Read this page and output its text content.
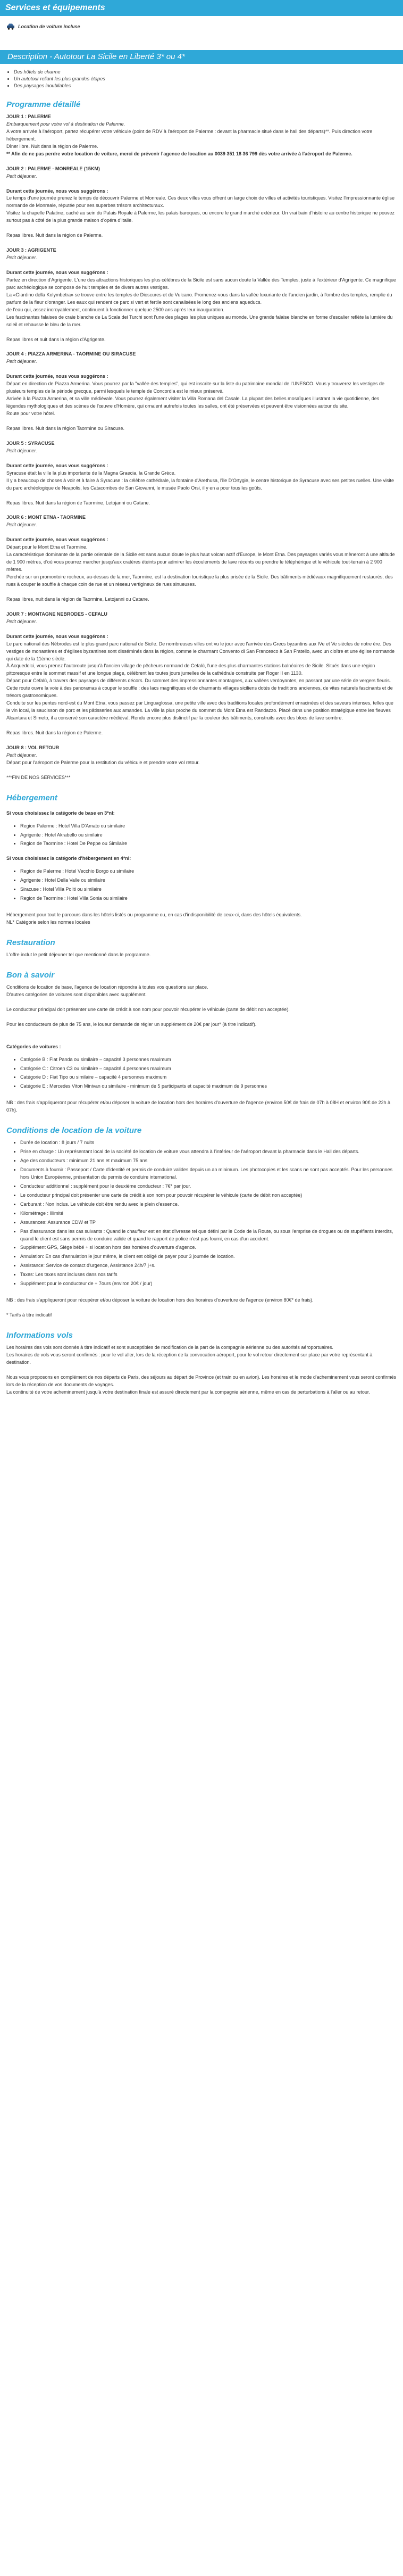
Services et équipements
Location de voiture incluse
Description - Autotour La Sicile en Liberté 3* ou 4*
• Des hôtels de charme
• Un autotour reliant les plus grandes étapes
• Des paysages inoubliables
Programme détaillé

JOUR 1 : PALERME

Embarquement pour votre vol à destination de Palerme.

A votre arrivée à l'aéroport, partez récupérer votre véhicule (point de RDV à l'aéroport de Palerme : devant la pharmacie situé dans le hall des départs)**. Puis direction votre hébergement.

Dîner libre. Nuit dans la région de Palerme.

** Afin de ne pas perdre votre location de voiture, merci de prévenir l'agence de location au 0039 351 18 36 799 dès votre arrivée à l'aéroport de Palerme.

JOUR 2 : PALERME - MONREALE (15KM)

Petit déjeuner.

Durant cette journée, nous vous suggérons :

Le temps d'une journée prenez le temps de découvrir Palerme et Monreale. Ces deux villes vous offrent un large choix de villes et activités touristiques. Visitez l'impressionnante église normande de Monreale, réputée pour ses superbes trésors architecturaux.

Visitez la chapelle Palatine, caché au sein du Palais Royale à Palerme, les palais baroques, ou encore le grand marché extérieur. Un vrai bain d'histoire au centre historique ne pouvez surtout pas à côté de la plus grande maison d'opéra d'Italie.

Repas libres. Nuit dans la région de Palerme.

JOUR 3 : AGRIGENTE

Petit déjeuner.

Durant cette journée, nous vous suggérons :

Partez en direction d'Agrigente. L'une des attractions historiques les plus célèbres de la Sicile est sans aucun doute la Vallée des Temples, juste à l'extérieur d'Agrigente. Ce magnifique parc archéologique se compose de huit temples et de divers autres vestiges.

La «Giardino della Kolymbetra» se trouve entre les temples de Dioscures et de Vulcano. Promenez-vous dans la vallée luxuriante de l'ancien jardin, à l'ombre des temples, remplie du parfum de la fleur d'oranger. Les eaux qui rendent ce parc si vert et fertile sont canalisées le long des anciens aqueducs.

de l'eau qui, assez incroyablement, continuent à fonctionner quelque 2500 ans après leur inauguration.

Les fascinantes falaises de craie blanche de La Scala dei Turchi sont l'une des plages les plus uniques au monde. Une grande falaise blanche en forme d'escalier reflète la lumière du soleil et rehausse le bleu de la mer.

Repas libres et nuit dans la région d'Agrigente.

JOUR 4 : PIAZZA ARMERINA - TAORMINE OU SIRACUSE

Petit déjeuner.

Durant cette journée, nous vous suggérons :

Départ en direction de Piazza Armerina. Vous pourrez par la "vallée des temples", qui est inscrite sur la liste du patrimoine mondial de l'UNESCO. Vous y trouverez les vestiges de plusieurs temples de la période grecque, parmi lesquels le temple de Concordia est le mieux préservé.

Arrivée à la Piazza Armerina, et sa ville médiévale. Vous pourrez également visiter la Villa Romana del Casale. La plupart des belles mosaïques illustrant la vie quotidienne, des légendes mythologiques et des scènes de l'œuvre d'Homère, qui ornaient autrefois toutes les salles, ont été préservées et peuvent être visionnées autour du site.

Route pour votre hôtel.

Repas libres. Nuit dans la région Taormine ou Siracuse.

JOUR 5 : SYRACUSE

Petit déjeuner.

Durant cette journée, nous vous suggérons :

Syracuse était la ville la plus importante de la Magna Graecia, la Grande Grèce.

Il y a beaucoup de choses à voir et à faire à Syracuse : la célèbre cathédrale, la fontaine d'Arethusa, l'île D'Ortygie, le centre historique de Syracuse avec ses petites ruelles. Une visite du parc archéologique de Neapolis, les Catacombes de San Giovanni, le musée Paolo Orsi, il y en a pour tous les goûts.

Repas libres. Nuit dans la région de Taormine, Letojanni ou Catane.

JOUR 6 : MONT ETNA - TAORMINE

Petit déjeuner.

Durant cette journée, nous vous suggérons :

Départ pour le Mont Etna et Taormine.

La caractéristique dominante de la partie orientale de la Sicile est sans aucun doute le plus haut volcan actif d'Europe, le Mont Etna. Des paysages variés vous mèneront à une altitude de 1 900 mètres, d'où vous pourrez marcher jusqu'aux cratères éteints pour admirer les écoulements de lave récents ou prendre le téléphérique et le véhicule tout-terrain à 2 900 mètres.

Perchée sur un promontoire rocheux, au-dessus de la mer, Taormine, est la destination touristique la plus prisée de la Sicile. Des bâtiments médiévaux magnifiquement restaurés, des rues à couper le souffle à chaque coin de rue et un réseau vertigineux de rues sinueuses.

Repas libres, nuit dans la région de Taormine, Letojanni ou Catane.

JOUR 7 : MONTAGNE NEBRODES - CEFALU

Petit déjeuner.

Durant cette journée, nous vous suggérons :

Le parc national des Nébrodes est le plus grand parc national de Sicile. De nombreuses villes ont vu le jour avec l'arrivée des Grecs byzantins aux IVe et Ve siècles de notre ère. Des vestiges de monastères et d'églises byzantines sont disséminés dans la région, comme le charmant Convento di San Francesco à San Fratello, avec un cloître et une église normande qui date de la 11ème siècle.

À Acquedolci, vous prenez l'autoroute jusqu'à l'ancien village de pêcheurs normand de Cefalù, l'une des plus charmantes stations balnéaires de Sicile. Situés dans une région pittoresque entre le sommet massif et une longue plage, célèbrent les toutes jours jumelles de la cathédrale construite par Roger II en 1130.

Départ pour Cefalù, à travers des paysages de différents décors. Du sommet des impressionnantes montagnes, aux vallées verdoyantes, en passant par une série de vergers fleuris. Cette route ouvre la voie à des panoramas à couper le souffle : des lacs magnifiques et de charmants villages siciliens dotés de traditions anciennes, de vites naturels fascinants et de trésors gastronomiques.

Conduite sur les pentes nord-est du Mont Etna, vous passez par Linguaglossa, une petite ville avec des traditions locales profondément enracinées et des saveurs intenses, telles que le vin local, la saucisson de porc et les pâtisseries aux amandes. La ville la plus proche du sommet du Mont Etna est Randazzo. Placé dans une position stratégique entre les fleuves Alcantara et Simeto, il a conservé son caractère médiéval. Rendu encore plus distinctif par la couleur des bâtiments, construits avec des blocs de lave sombre.

Repas libres. Nuit dans la région de Palerme.

JOUR 8 : VOL RETOUR

Petit déjeuner.

Départ pour l'aéroport de Palerme pour la restitution du véhicule et prendre votre vol retour.

***FIN DE NOS SERVICES***

Hébergement

Si vous choisissez la catégorie de base en 3*nl:

• Region Palerme : Hotel Villa D'Amato ou similaire
• Agrigente : Hotel Akrabello ou similaire
• Region de Taormine : Hotel De Peppe ou Similaire

Si vous choisissez la catégorie d'hébergement en 4*nl:

• Region de Palerme : Hotel Vecchio Borgo ou similaire
• Agrigente : Hotel Della Valle ou similaire
• Siracuse : Hotel Villa Politi ou similaire
• Region de Taormine : Hotel Villa Sonia ou similaire

Hébergement pour tout le parcours dans les hôtels listés ou programme ou, en cas d'indisponibilité de ceux-ci, dans des hôtels équivalents.

NL* Catégorie selon les normes locales

Restauration

L'offre inclut le petit déjeuner tel que mentionné dans le programme.

Bon à savoir

Conditions de location de base, l'agence de location répondra à toutes vos questions sur place.

D'autres catégories de voitures sont disponibles avec supplément.

Le conducteur principal doit présenter une carte de crédit à son nom pour pouvoir récupérer le véhicule (carte de débit non acceptée).

Pour les conducteurs de plus de 75 ans, le loueur demande de régler un supplément de 20€ par jour* (à titre indicatif).

Catégories de voitures :

• Catégorie B : Fiat Panda ou similaire – capacité 3 personnes maximum
• Catégorie C : Citroen C3 ou similaire – capacité 4 personnes maximum
• Catégorie D : Fiat Tipo ou similaire – capacité 4 personnes maximum
• Catégorie E : Mercedes Viton Minivan ou similaire - minimum de 5 participants et capacité maximum de 9 personnes

NB : des frais s'appliqueront pour récupérer et/ou déposer la voiture de location hors des horaires d'ouverture de l'agence (environ 50€ de frais de 07h à 08H et environ 90€ de 22h à 07h).

Conditions de location de la voiture
• Durée de location : 8 jours / 7 nuits
• Prise en charge : Un représentant local de la société de location de voiture vous attendra à l'intérieur de l'aéroport devant la pharmacie dans le Hall des départs.
• Age des conducteurs : minimum 21 ans et maximum 75 ans
• Documents à fournir : Passeport / Carte d'identité et permis de conduire valides depuis un an minimum. Les photocopies et les scans ne sont pas acceptés. Pour les personnes hors Union Européenne, présentation du permis de conduire international.
• Conducteur additionnel : supplément pour le deuxième conducteur : 7€* par jour.
• Le conducteur principal doit présenter une carte de crédit à son nom pour pouvoir récupérer le véhicule (carte de débit non acceptée)
• Carburant : Non inclus. Le véhicule doit être rendu avec le plein d'essence.
• Kilométrage : Illimité
• Assurances: Assurance CDW et TP
• Pas d'assurance dans les cas suivants : Quand le chauffeur est en état d'ivresse tel que défini par le Code de la Route, ou sous l'emprise de drogues ou de stupéfiants interdits, quand le client est sans permis de conduire valide et quand le rapport de police n'est pas fourni, en cas d'un accident.
• Supplément GPS, Siège bébé + si location hors des horaires d'ouverture d'agence.
• Annulation: En cas d'annulation le jour même, le client est obligé de payer pour 3 journée de location.
• Assistance: Service de contact d'urgence, Assistance 24h/7 j+s.
• Taxes: Les taxes sont incluses dans nos tarifs
• Supplément pour le conducteur de + 7ours (environ 20€ / jour)

NB : des frais s'appliqueront pour récupérer et/ou déposer la voiture de location hors des horaires d'ouverture de l'agence (environ 80€* de frais).

* Tarifs à titre indicatif

Informations vols

Les horaires des vols sont donnés à titre indicatif et sont susceptibles de modification de la part de la compagnie aérienne ou des autorités aéroportuaires.

Les horaires de vols vous seront confirmés : pour le vol aller, lors de la réception de la convocation aéroport, pour le vol retour directement sur place par votre représentant à destination.

Nous vous proposons en complément de nos départs de Paris, des séjours au départ de Province (et train ou en avion). Les horaires et le mode d'acheminement vous seront confirmés lors de la réception de vos documents de voyages.

La continuité de votre acheminement jusqu'à votre destination finale est assuré directement par la compagnie aérienne, même en cas de perturbations à l'aller ou au retour.
